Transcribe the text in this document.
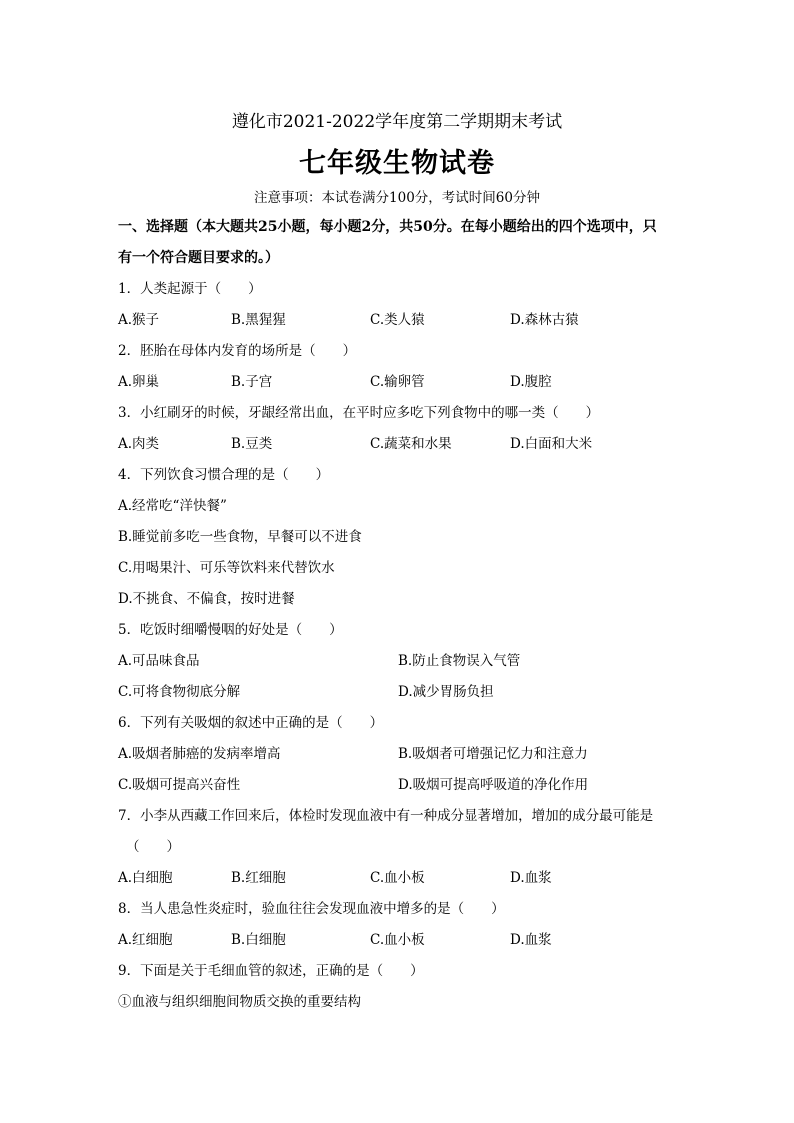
遵化市2021-2022学年度第二学期期末考试
七年级生物试卷
注意事项：本试卷满分100分，考试时间60分钟
一、选择题（本大题共25小题，每小题2分，共50分。在每小题给出的四个选项中，只
有一个符合题目要求的。）
1．人类起源于（　　）
A.猴子	B.黑猩猩	C.类人猿	D.森林古猿
2．胚胎在母体内发育的场所是（　　）
A.卵巢	B.子宫	C.输卵管	D.腹腔
3．小红刷牙的时候，牙龈经常出血，在平时应多吃下列食物中的哪一类（　　）
A.肉类	B.豆类	C.蔬菜和水果	D.白面和大米
4．下列饮食习惯合理的是（　　）
A.经常吃“洋快餐”
B.睡觉前多吃一些食物，早餐可以不进食
C.用喝果汁、可乐等饮料来代替饮水
D.不挑食、不偏食，按时进餐
5．吃饭时细嚼慢咽的好处是（　　）
A.可品味食品	B.防止食物误入气管
C.可将食物彻底分解	D.减少胃肠负担
6．下列有关吸烟的叙述中正确的是（　　）
A.吸烟者肺癌的发病率增高	B.吸烟者可增强记忆力和注意力
C.吸烟可提高兴奋性	D.吸烟可提高呼吸道的净化作用
7．小李从西藏工作回来后，体检时发现血液中有一种成分显著增加，增加的成分最可能是
（　　）
A.白细胞	B.红细胞	C.血小板	D.血浆
8．当人患急性炎症时，验血往往会发现血液中增多的是（　　）
A.红细胞	B.白细胞	C.血小板	D.血浆
9．下面是关于毛细血管的叙述，正确的是（　　）
①血液与组织细胞间物质交换的重要结构
